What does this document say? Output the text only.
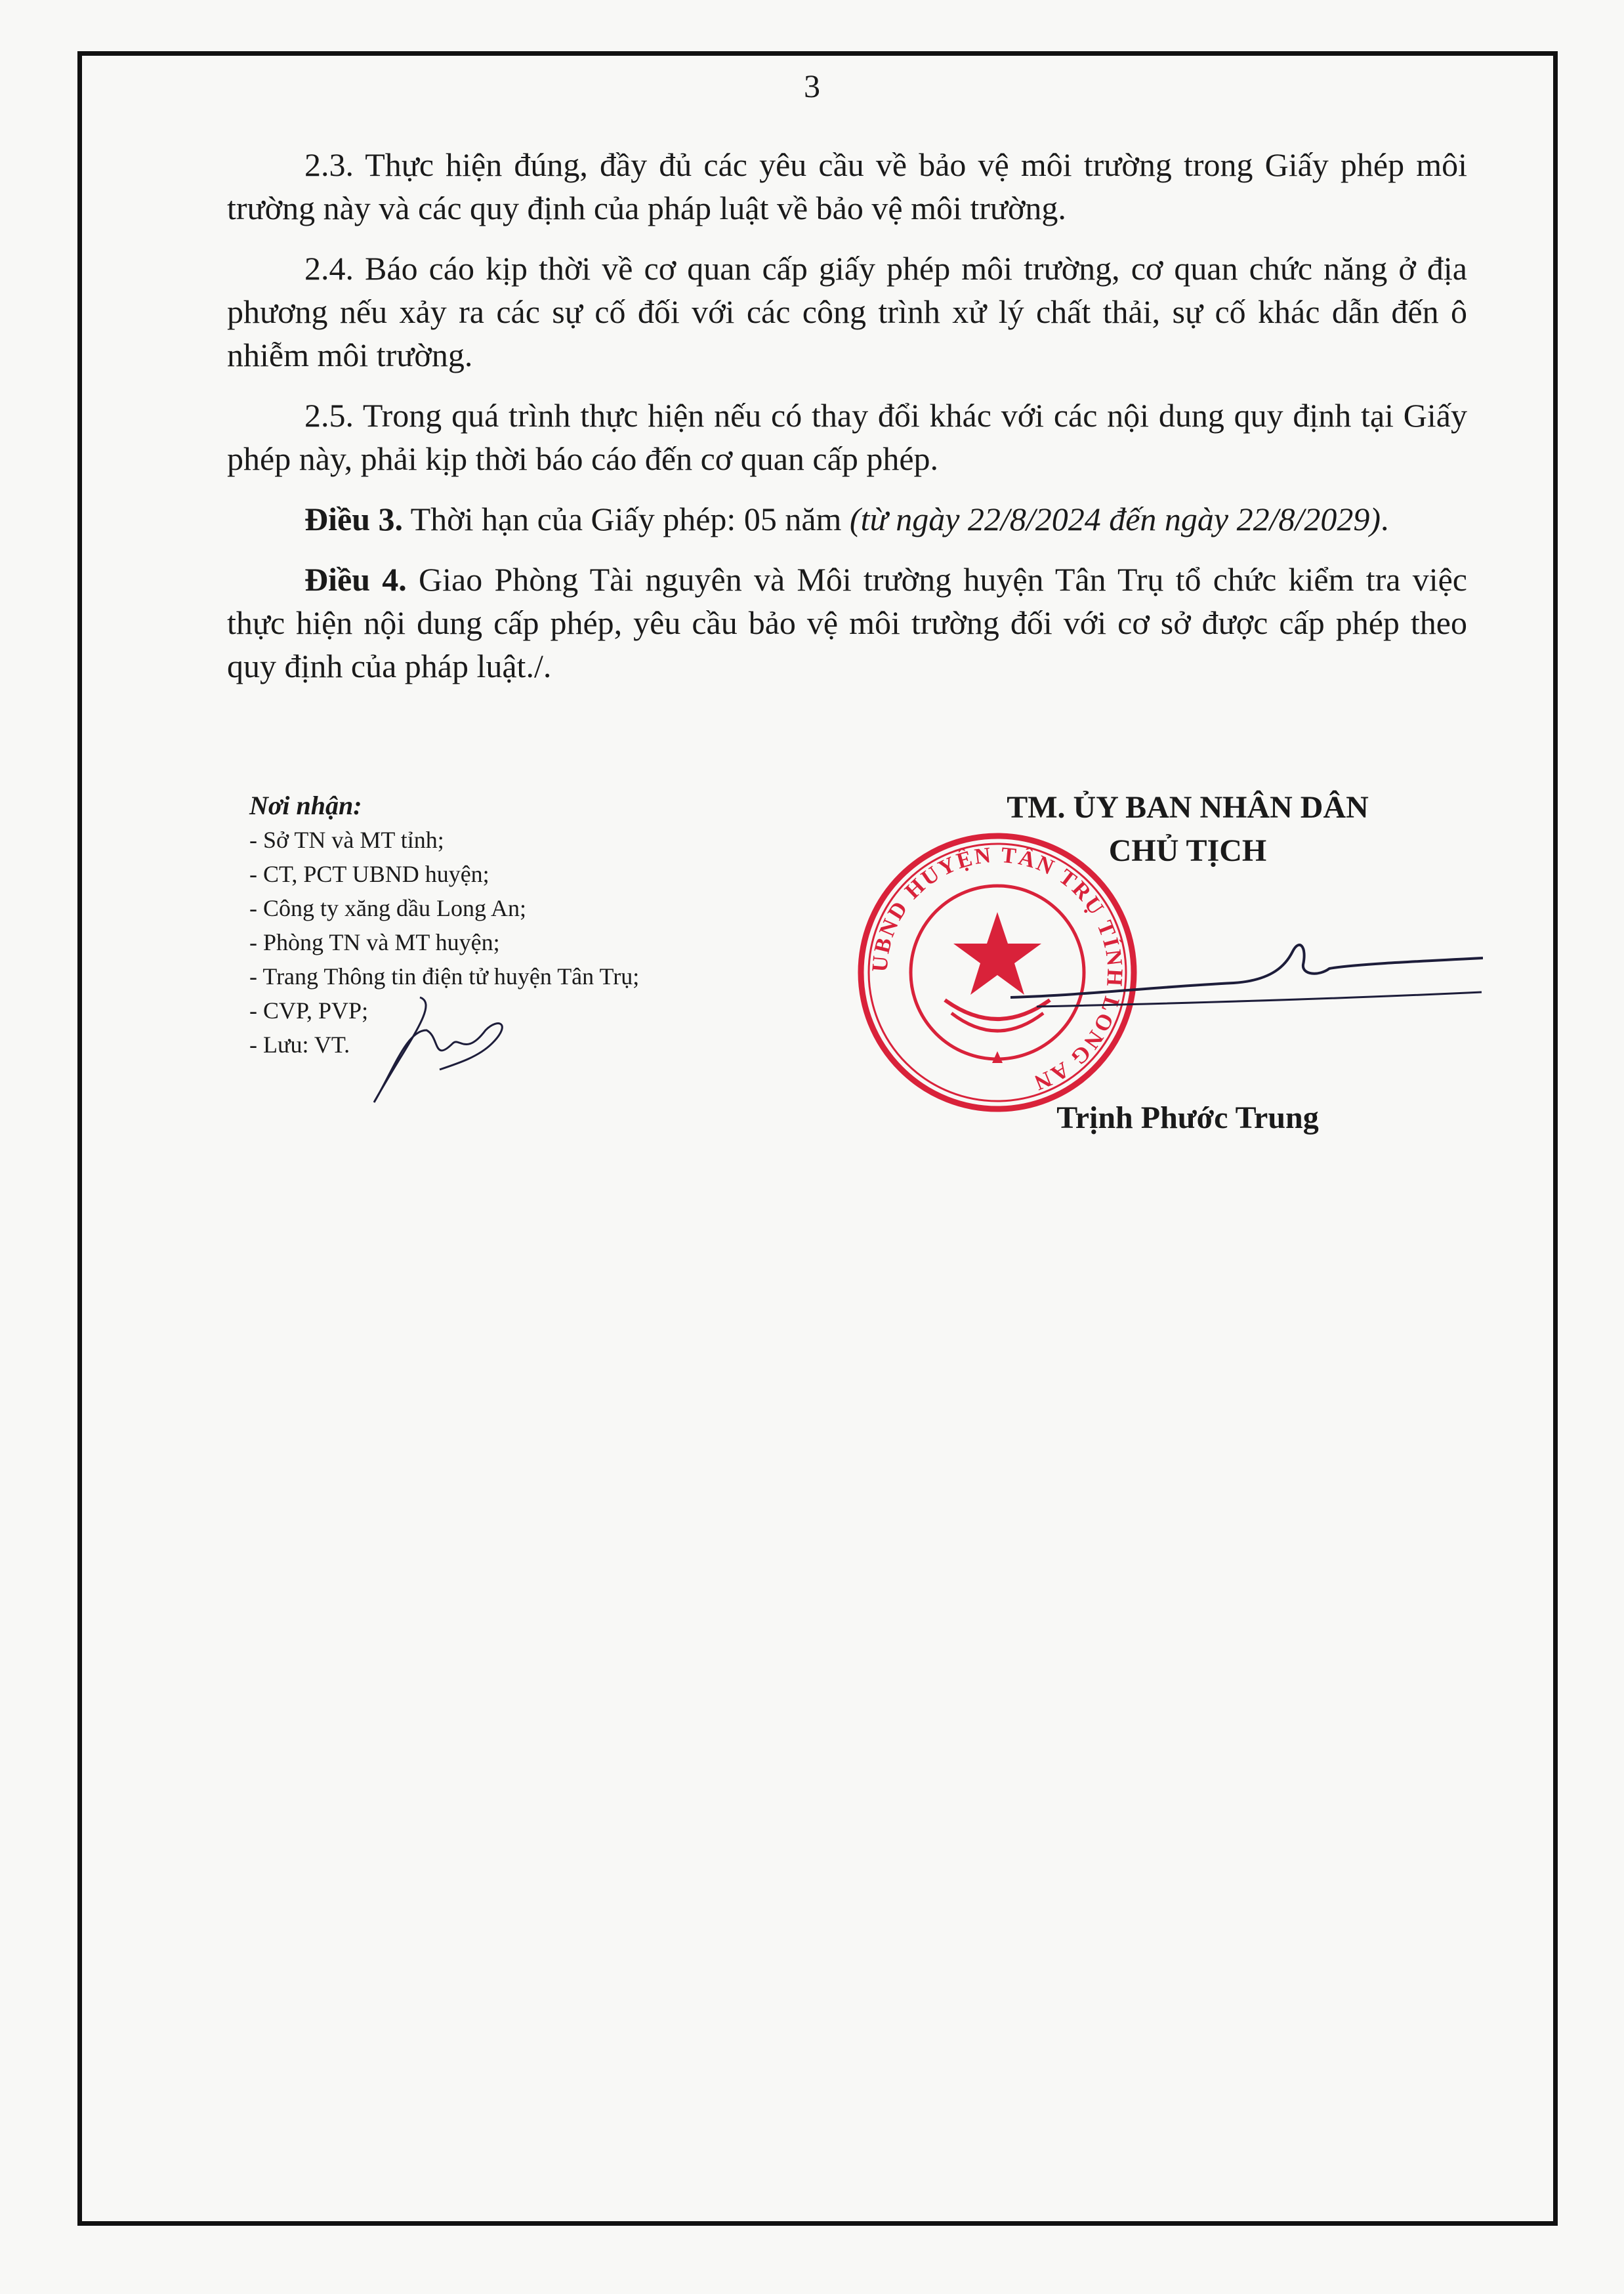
3

2.3. Thực hiện đúng, đầy đủ các yêu cầu về bảo vệ môi trường trong Giấy phép môi trường này và các quy định của pháp luật về bảo vệ môi trường.

2.4. Báo cáo kịp thời về cơ quan cấp giấy phép môi trường, cơ quan chức năng ở địa phương nếu xảy ra các sự cố đối với các công trình xử lý chất thải, sự cố khác dẫn đến ô nhiễm môi trường.

2.5. Trong quá trình thực hiện nếu có thay đổi khác với các nội dung quy định tại Giấy phép này, phải kịp thời báo cáo đến cơ quan cấp phép.

Điều 3. Thời hạn của Giấy phép: 05 năm (từ ngày 22/8/2024 đến ngày 22/8/2029).

Điều 4. Giao Phòng Tài nguyên và Môi trường huyện Tân Trụ tổ chức kiểm tra việc thực hiện nội dung cấp phép, yêu cầu bảo vệ môi trường đối với cơ sở được cấp phép theo quy định của pháp luật./.

Nơi nhận:
- Sở TN và MT tỉnh;
- CT, PCT UBND huyện;
- Công ty xăng dầu Long An;
- Phòng TN và MT huyện;
- Trang Thông tin điện tử huyện Tân Trụ;
- CVP, PVP;
- Lưu: VT.
UBND HUYỆN TÂN TRỤ TỈNH LONG AN
TM. ỦY BAN NHÂN DÂN
CHỦ TỊCH
Trịnh Phước Trung
